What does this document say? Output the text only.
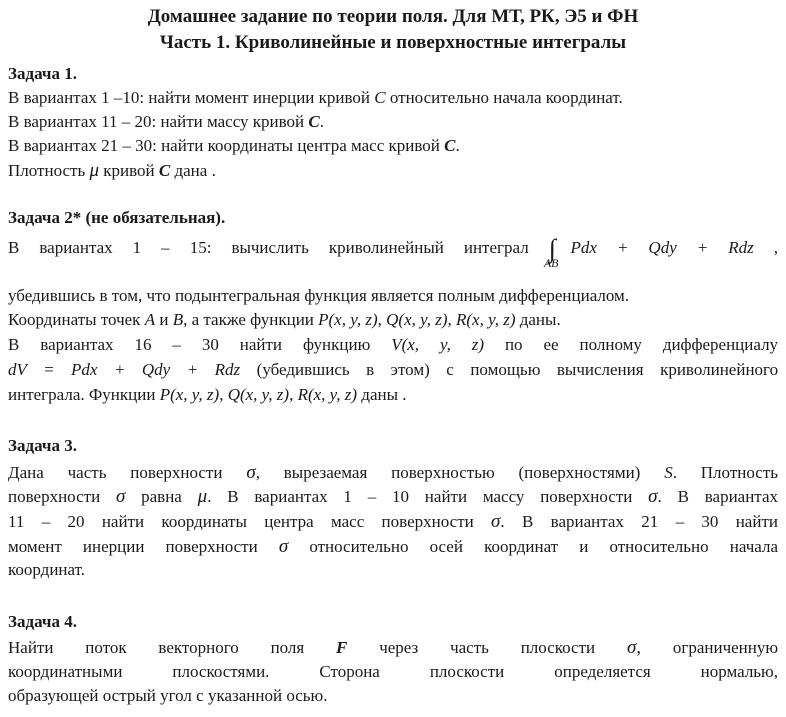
Домашнее задание по теории поля. Для МТ, РК, Э5 и ФН
Часть 1. Криволинейные и поверхностные интегралы
Задача 1.
В вариантах 1 –10: найти момент инерции кривой C относительно начала координат.
В вариантах 11 – 20: найти массу кривой C.
В вариантах 21 – 30: найти координаты центра масс кривой C.
Плотность μ кривой C дана .
Задача 2* (не обязательная).
В вариантах 1 – 15: вычислить криволинейный интеграл $\int_{AB}Pdx$ + Qdy + Rdz ,
убедившись в том, что подынтегральная функция является полным дифференциалом.
Координаты точек A и B, а также функции P(x, y, z), Q(x, y, z), R(x, y, z) даны.
В вариантах 16 – 30 найти функцию V(x, y, z) по ее полному дифференциалу
dV = Pdx + Qdy + Rdz (убедившись в этом) с помощью вычисления криволинейного
интеграла. Функции P(x, y, z), Q(x, y, z), R(x, y, z) даны .
Задача 3.
Дана часть поверхности σ, вырезаемая поверхностью (поверхностями) S. Плотность
поверхности σ равна μ. В вариантах 1 – 10 найти массу поверхности σ. В вариантах
11 – 20 найти координаты центра масс поверхности σ. В вариантах 21 – 30 найти
момент инерции поверхности σ относительно осей координат и относительно начала
координат.
Задача 4.
Найти поток векторного поля F через часть плоскости σ, ограниченную
координатными	плоскостями.	Сторона	плоскости	определяется	нормалью,
образующей острый угол с указанной осью.
